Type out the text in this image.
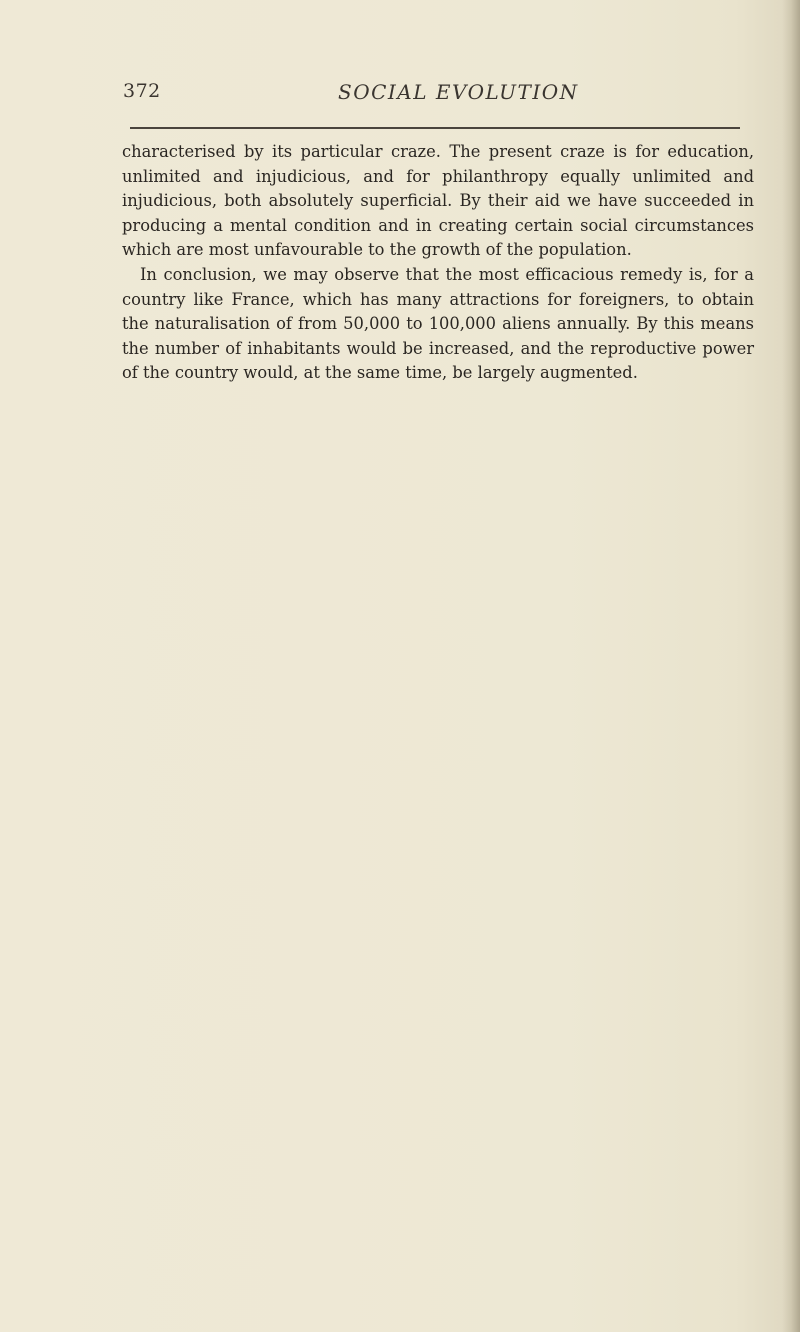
372	SOCIAL EVOLUTION

characterised by its particular craze. The present craze is for education, unlimited and injudicious, and for philanthropy equally unlimited and injudicious, both absolutely superficial. By their aid we have succeeded in producing a mental condition and in creating certain social circumstances which are most unfavourable to the growth of the population.

In conclusion, we may observe that the most efficacious remedy is, for a country like France, which has many attractions for foreigners, to obtain the naturalisation of from 50,000 to 100,000 aliens annually. By this means the number of inhabitants would be increased, and the reproductive power of the country would, at the same time, be largely augmented.
